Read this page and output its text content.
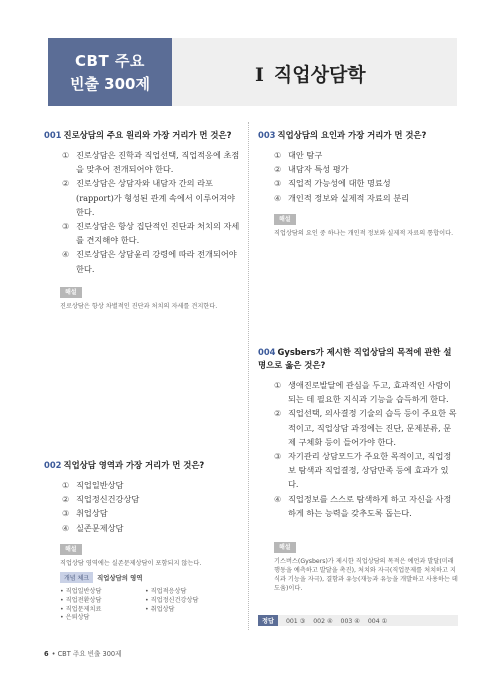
CBT 주요
빈출 300제	I 직업상담학
001 진로상담의 주요 원리와 가장 거리가 먼 것은?
① 진로상담은 진학과 직업선택, 직업적응에 초점을 맞추어 전개되어야 한다.
② 진로상담은 상담자와 내담자 간의 라포(rapport)가 형성된 관계 속에서 이루어져야 한다.
③ 진로상담은 항상 집단적인 진단과 처치의 자세를 견지해야 한다.
④ 진로상담은 상담윤리 강령에 따라 전개되어야 한다.
해설
진로상담은 항상 차별적인 진단과 처치의 자세를 견지한다.
002 직업상담 영역과 가장 거리가 먼 것은?
① 직업일반상담
② 직업정신건강상담
③ 취업상담
④ 실존문제상담
해설
직업상담 영역에는 실존문제상담이 포함되지 않는다.
개념 체크 직업상담의 영역
• 직업일반상담	• 직업적응상담
• 직업전환상담	• 직업정신건강상담
• 직업문제치료	• 취업상담
• 은퇴상담
003 직업상담의 요인과 가장 거리가 먼 것은?
① 대안 탐구
② 내담자 특성 평가
③ 직업적 가능성에 대한 명료성
④ 개인적 정보와 실제적 자료의 분리
해설
직업상담의 요인 중 하나는 개인적 정보와 실제적 자료의 통합이다.
004 Gysbers가 제시한 직업상담의 목적에 관한 설명으로 옳은 것은?
① 생애진로발달에 관심을 두고, 효과적인 사람이 되는 데 필요한 지식과 기능을 습득하게 한다.
② 직업선택, 의사결정 기술의 습득 등이 주요한 목적이고, 직업상담 과정에는 진단, 문제분류, 문제 구체화 등이 들어가야 한다.
③ 자기관리 상담모드가 주요한 목적이고, 직업정보 탐색과 직업결정, 상담만족 등에 효과가 있다.
④ 직업정보를 스스로 탐색하게 하고 자신을 사정하게 하는 능력을 갖추도록 돕는다.
해설
기스버스(Gysbers)가 제시한 직업상담의 목적은 예언과 발달(미래 행동을 예측하고 발달을 촉진), 처치와 자극(직업문제를 처치하고 지식과 기능을 자극), 결함과 유능(재능과 유능을 개발하고 사용하는 데 도움)이다.
정답 001 ③ 002 ④ 003 ④ 004 ①
6 • CBT 주요 빈출 300제
